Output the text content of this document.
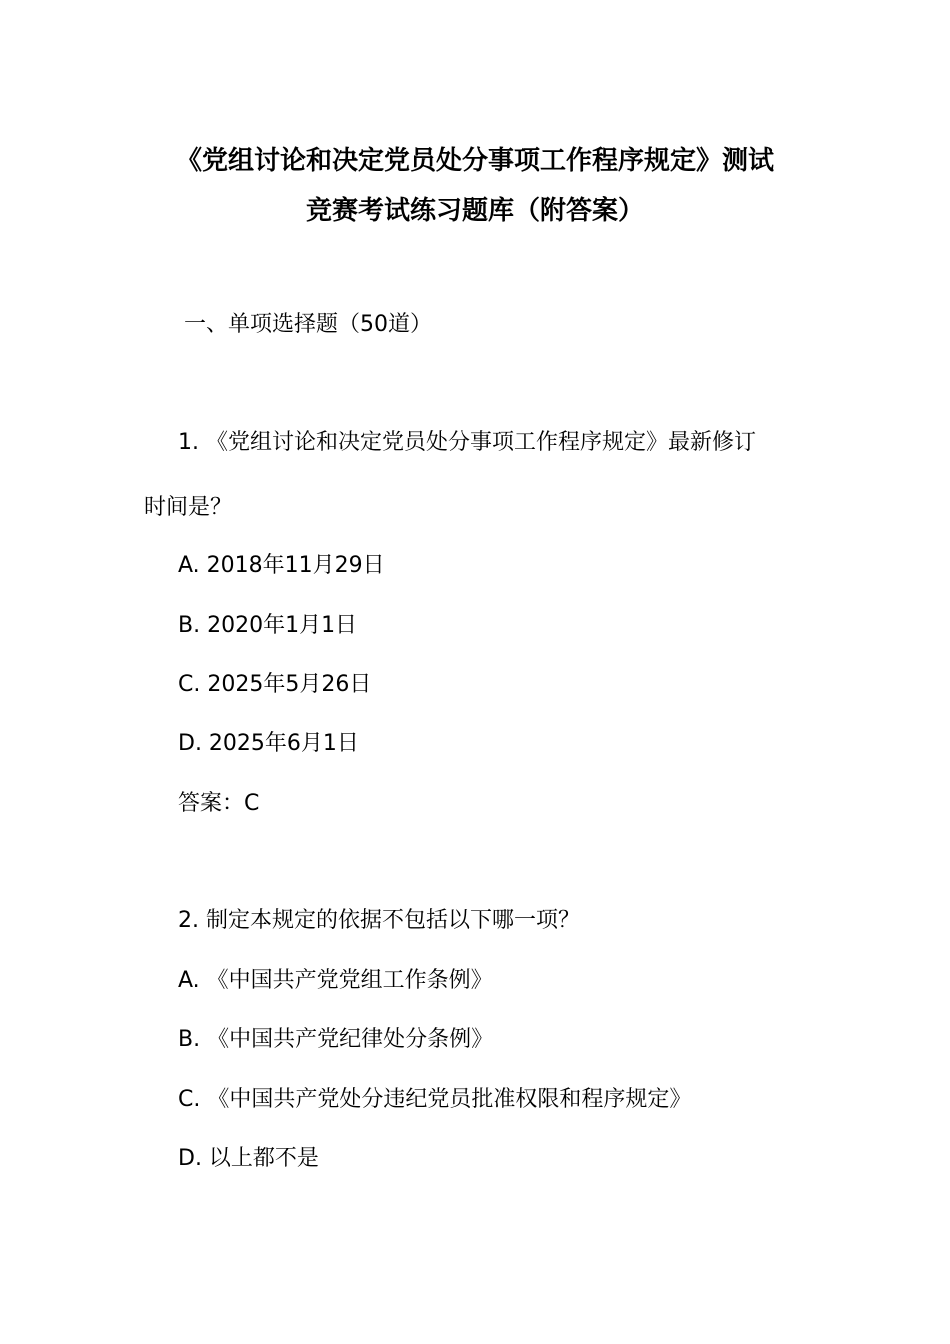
《党组讨论和决定党员处分事项工作程序规定》测试
竞赛考试练习题库（附答案）
一、单项选择题（50道）
1. 《党组讨论和决定党员处分事项工作程序规定》最新修订
时间是？
A. 2018年11月29日
B. 2020年1月1日
C. 2025年5月26日
D. 2025年6月1日
答案：C
2. 制定本规定的依据不包括以下哪一项？
A. 《中国共产党党组工作条例》
B. 《中国共产党纪律处分条例》
C. 《中国共产党处分违纪党员批准权限和程序规定》
D. 以上都不是
